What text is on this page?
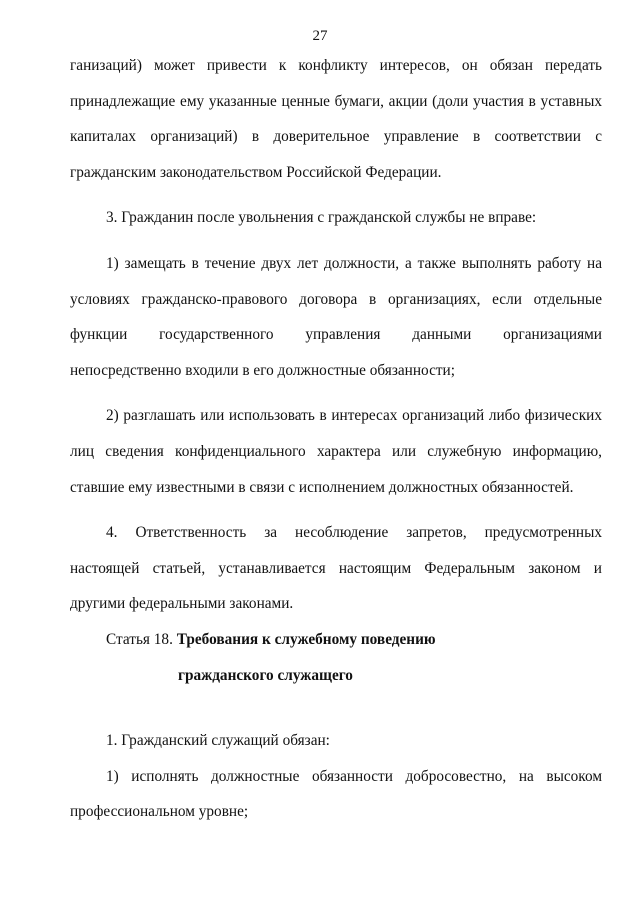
27

ганизаций) может привести к конфликту интересов, он обязан передать принадлежащие ему указанные ценные бумаги, акции (доли участия в уставных капиталах организаций) в доверительное управление в соответствии с гражданским законодательством Российской Федерации.

3. Гражданин после увольнения с гражданской службы не вправе:

1) замещать в течение двух лет должности, а также выполнять работу на условиях гражданско-правового договора в организациях, если отдельные функции государственного управления данными организациями непосредственно входили в его должностные обязанности;

2) разглашать или использовать в интересах организаций либо физических лиц сведения конфиденциального характера или служебную информацию, ставшие ему известными в связи с исполнением должностных обязанностей.

4. Ответственность за несоблюдение запретов, предусмотренных настоящей статьей, устанавливается настоящим Федеральным законом и другими федеральными законами.

Статья 18. Требования к служебному поведению
гражданского служащего

1. Гражданский служащий обязан:

1) исполнять должностные обязанности добросовестно, на высоком профессиональном уровне;
